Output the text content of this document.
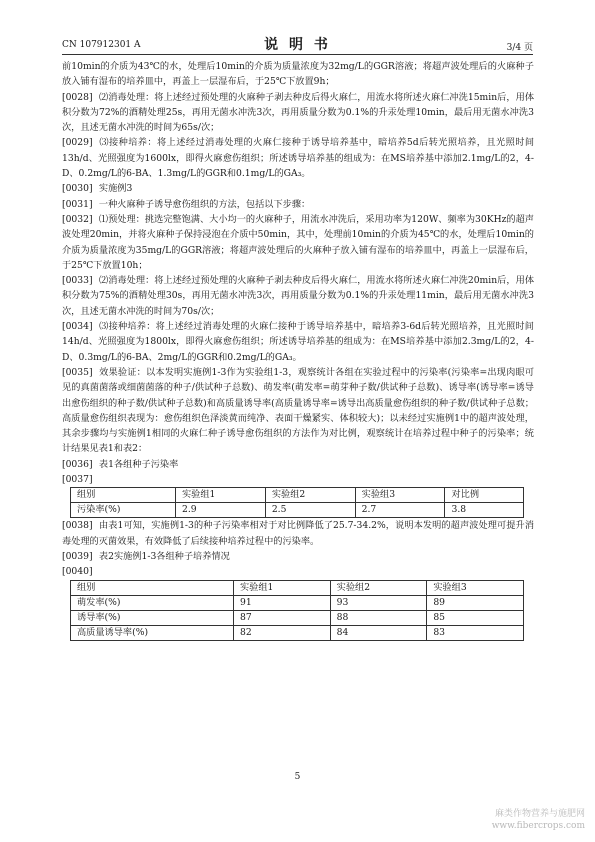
CN 107912301 A	说 明 书	3/4 页

前10min的介质为43℃的水，处理后10min的介质为质量浓度为32mg/L的GGR溶液；将超声波处理后的火麻种子放入铺有湿布的培养皿中，再盖上一层湿布后，于25℃下放置9h；

[0028] ⑵消毒处理：将上述经过预处理的火麻种子剥去种皮后得火麻仁，用流水将所述火麻仁冲洗15min后，用体积分数为72%的酒精处理25s，再用无菌水冲洗3次，再用质量分数为0.1%的升汞处理10min，最后用无菌水冲洗3次，且述无菌水冲洗的时间为65s/次；

[0029] ⑶接种培养：将上述经过消毒处理的火麻仁接种于诱导培养基中，暗培养5d后转光照培养，且光照时间13h/d、光照强度为1600lx，即得火麻愈伤组织；所述诱导培养基的组成为：在MS培养基中添加2.1mg/L的2，4-D、0.2mg/L的6-BA、1.3mg/L的GGR和0.1mg/L的GA₃。

[0030] 实施例3

[0031] 一种火麻种子诱导愈伤组织的方法，包括以下步骤：

[0032] ⑴预处理：挑选完整饱满、大小均一的火麻种子，用流水冲洗后，采用功率为120W、频率为30KHz的超声波处理20min，并将火麻种子保持浸泡在介质中50min，其中，处理前10min的介质为45℃的水，处理后10min的介质为质量浓度为35mg/L的GGR溶液；将超声波处理后的火麻种子放入铺有湿布的培养皿中，再盖上一层湿布后，于25℃下放置10h；

[0033] ⑵消毒处理：将上述经过预处理的火麻种子剥去种皮后得火麻仁，用流水将所述火麻仁冲洗20min后，用体积分数为75%的酒精处理30s，再用无菌水冲洗3次，再用质量分数为0.1%的升汞处理11min，最后用无菌水冲洗3次，且述无菌水冲洗的时间为70s/次；

[0034] ⑶接种培养：将上述经过消毒处理的火麻仁接种于诱导培养基中，暗培养3-6d后转光照培养，且光照时间14h/d、光照强度为1800lx，即得火麻愈伤组织；所述诱导培养基的组成为：在MS培养基中添加2.3mg/L的2，4-D、0.3mg/L的6-BA、2mg/L的GGR和0.2mg/L的GA₃。

[0035] 效果验证：以本发明实施例1-3作为实验组1-3，观察统计各组在实验过程中的污染率(污染率=出现肉眼可见的真菌菌落或细菌菌落的种子/供试种子总数)、萌发率(萌发率=萌芽种子数/供试种子总数)、诱导率(诱导率=诱导出愈伤组织的种子数/供试种子总数)和高质量诱导率(高质量诱导率=诱导出高质量愈伤组织的种子数/供试种子总数；高质量愈伤组织表现为：愈伤组织色泽淡黄而纯净、表面干燥紧实、体积较大)；以未经过实施例1中的超声波处理，其余步骤均与实施例1相同的火麻仁种子诱导愈伤组织的方法作为对比例，观察统计在培养过程中种子的污染率；统计结果见表1和表2：

[0036] 表1各组种子污染率

[0037]

组别	实验组1	实验组2	实验组3	对比例
污染率(%)	2.9	2.5	2.7	3.8

[0038] 由表1可知，实施例1-3的种子污染率相对于对比例降低了25.7-34.2%，说明本发明的超声波处理可提升消毒处理的灭菌效果，有效降低了后续接种培养过程中的污染率。

[0039] 表2实施例1-3各组种子培养情况

[0040]

组别	实验组1	实验组2	实验组3
萌发率(%)	91	93	89
诱导率(%)	87	88	85
高质量诱导率(%)	82	84	83
5
麻类作物营养与施肥网
www.fibercrops.com
